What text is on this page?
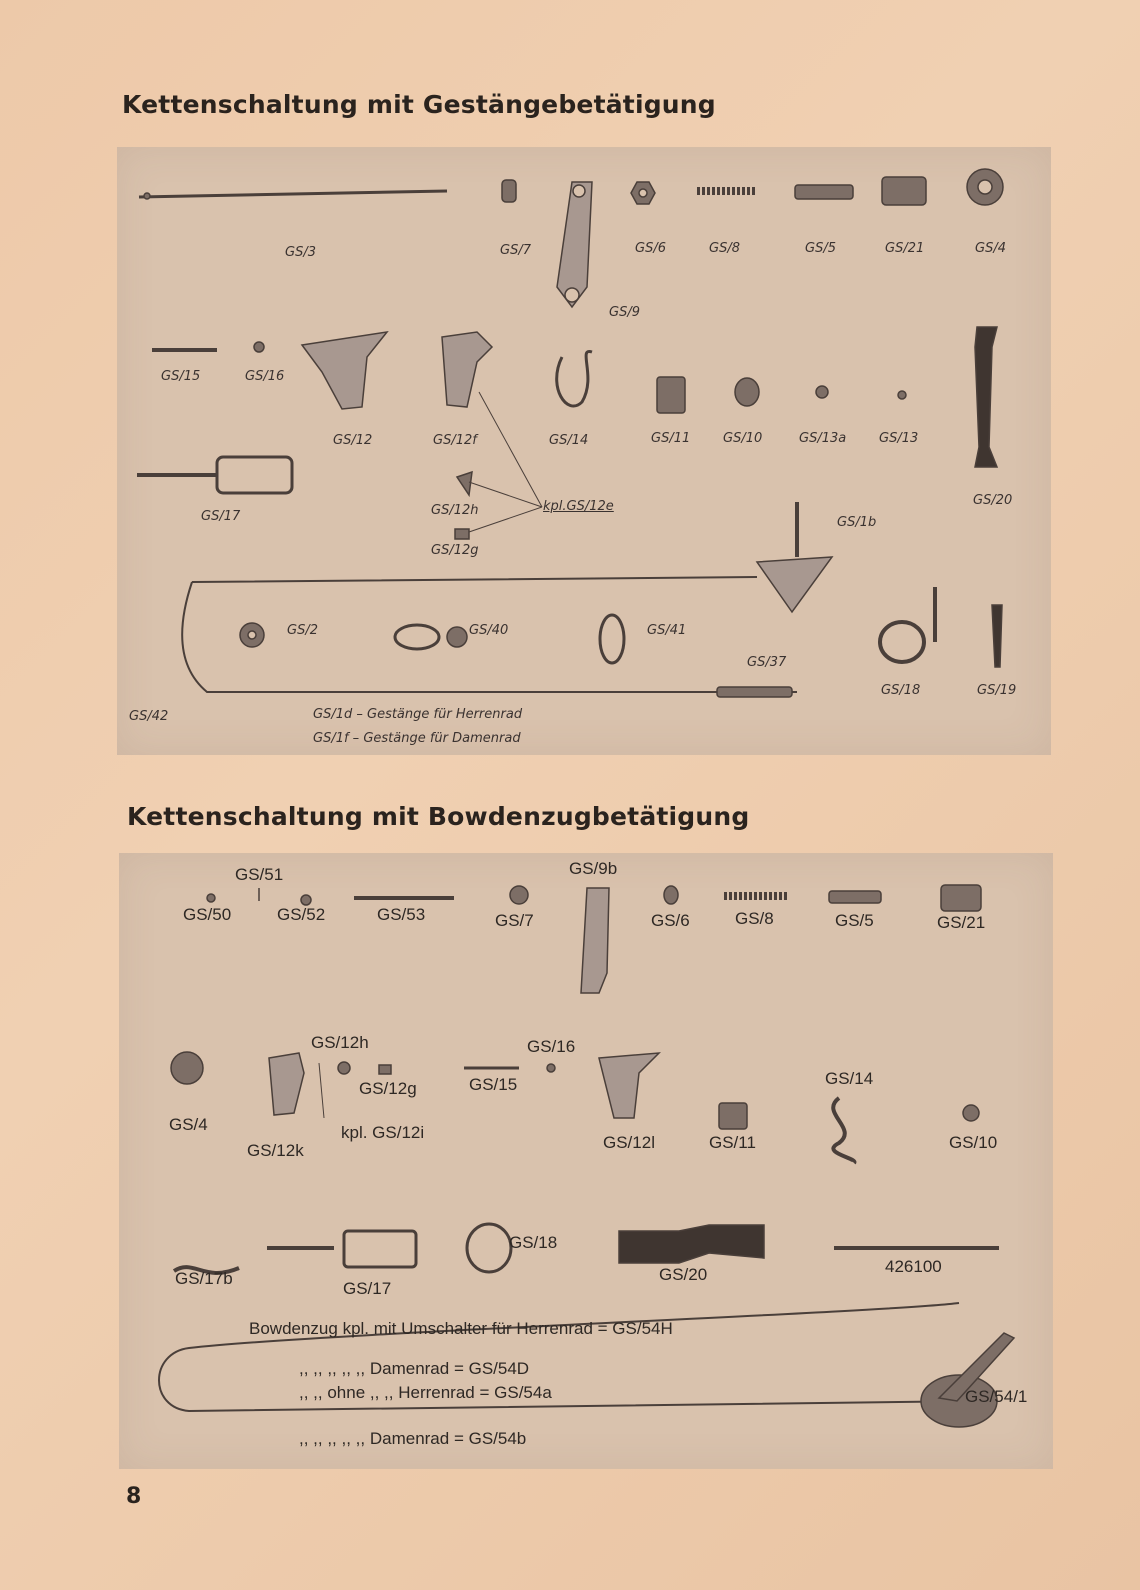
Kettenschaltung mit Gestängebetätigung
GS/3	GS/7	GS/6	GS/8	GS/5	GS/21	GS/4
GS/9
GS/15	GS/16
GS/12	GS/12f	GS/14	GS/11	GS/10	GS/13a	GS/13
GS/20
GS/17	GS/12h	kpl.GS/12e
GS/12g
GS/1b
GS/2	GS/40	GS/41
GS/37
GS/18	GS/19
GS/42	GS/1d – Gestänge für Herrenrad
GS/1f – Gestänge für Damenrad
Kettenschaltung mit Bowdenzugbetätigung
GS/51
GS/50	GS/52	GS/53
GS/9b
GS/7	GS/6	GS/8	GS/5	GS/21
GS/4
GS/12h
GS/12g
GS/16
GS/15
GS/12k
kpl. GS/12i
GS/12l	GS/11
GS/14
GS/10
GS/17b
GS/17
GS/18
GS/20	426100
Bowdenzug kpl. mit Umschalter für Herrenrad = GS/54H
,, ,, ,, ,, ,, Damenrad = GS/54D
,, ,, ohne ,, ,, Herrenrad = GS/54a
,, ,, ,, ,, ,, Damenrad = GS/54b
GS/54/1

8
